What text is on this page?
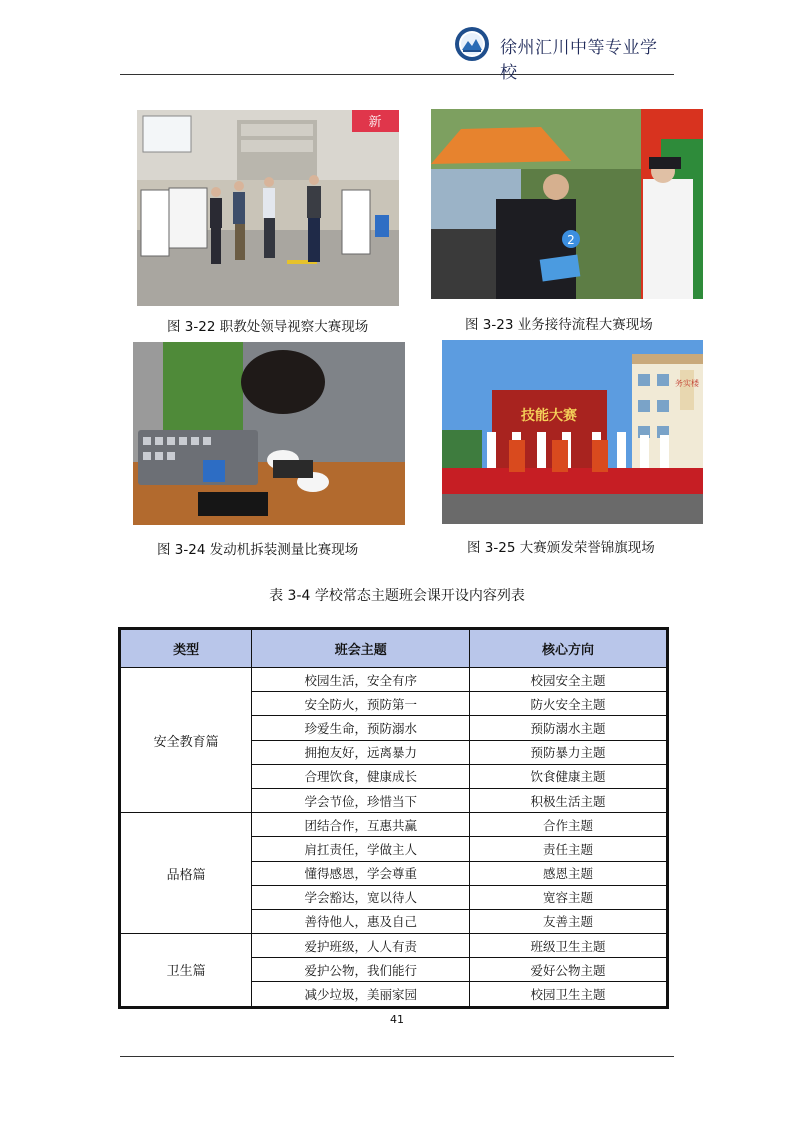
徐州汇川中等专业学校
新
图 3-22 职教处领导视察大赛现场
2
图 3-23 业务接待流程大赛现场
图 3-24 发动机拆装测量比赛现场
务实楼
技能大赛
图 3-25 大赛颁发荣誉锦旗现场
表 3-4 学校常态主题班会课开设内容列表
类型	班会主题	核心方向
安全教育篇	校园生活，安全有序	校园安全主题
	安全防火，预防第一	防火安全主题
	珍爱生命，预防溺水	预防溺水主题
	拥抱友好，远离暴力	预防暴力主题
	合理饮食，健康成长	饮食健康主题
	学会节俭，珍惜当下	积极生活主题
品格篇	团结合作，互惠共赢	合作主题
	肩扛责任，学做主人	责任主题
	懂得感恩，学会尊重	感恩主题
	学会豁达，宽以待人	宽容主题
	善待他人，惠及自己	友善主题
卫生篇	爱护班级，人人有责	班级卫生主题
	爱护公物，我们能行	爱好公物主题
	减少垃圾，美丽家园	校园卫生主题
41
